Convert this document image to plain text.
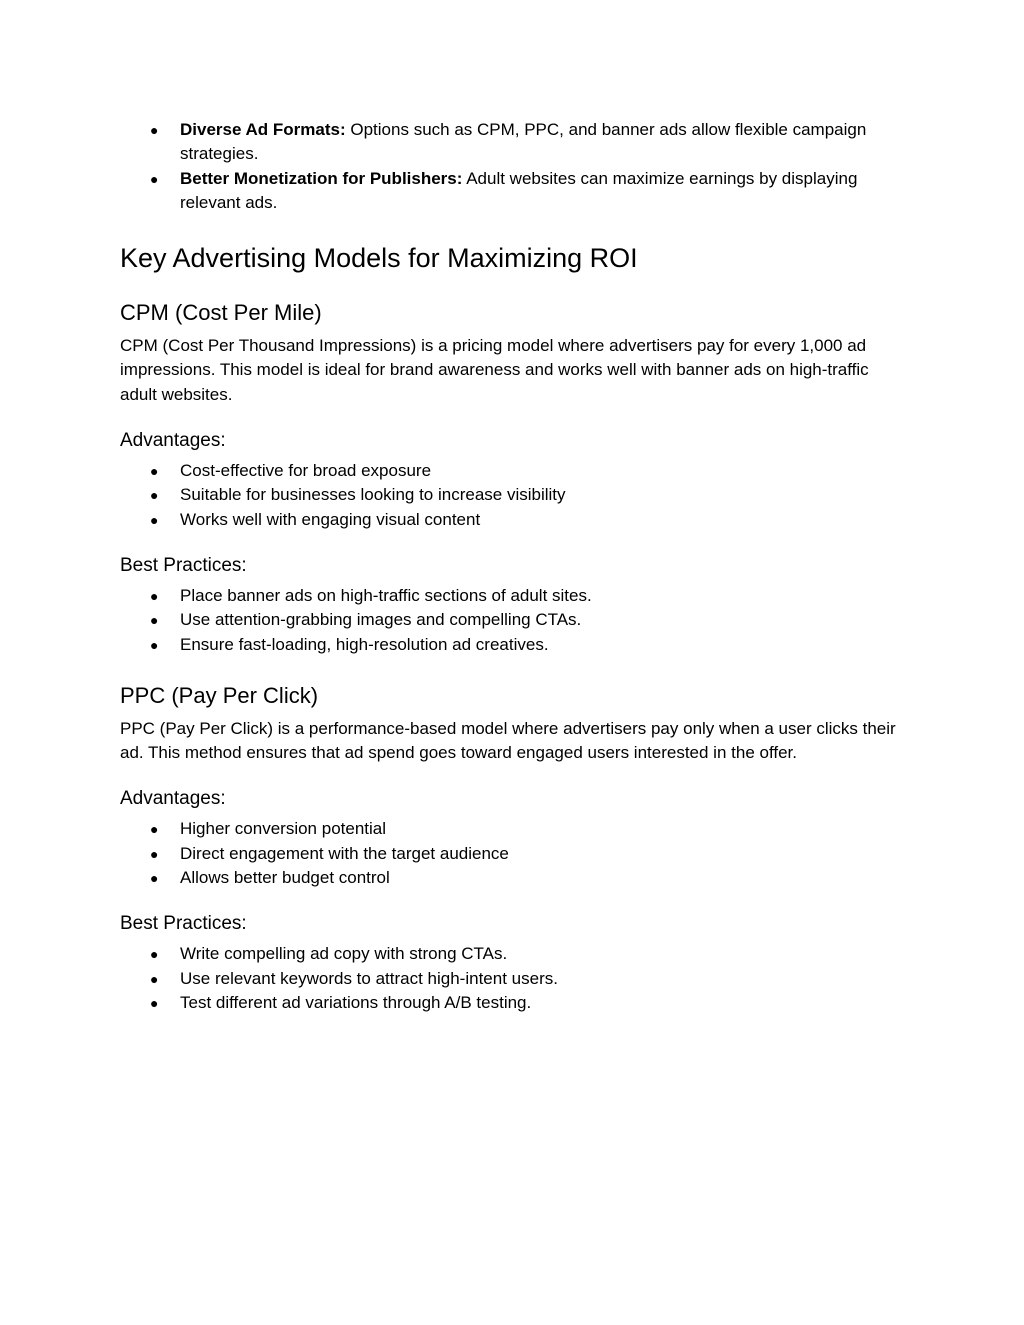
● Diverse Ad Formats: Options such as CPM, PPC, and banner ads allow flexible campaign strategies.
● Better Monetization for Publishers: Adult websites can maximize earnings by displaying relevant ads.
Key Advertising Models for Maximizing ROI
CPM (Cost Per Mile)

CPM (Cost Per Thousand Impressions) is a pricing model where advertisers pay for every 1,000 ad impressions. This model is ideal for brand awareness and works well with banner ads on high-traffic adult websites.

Advantages:
● Cost-effective for broad exposure
● Suitable for businesses looking to increase visibility
● Works well with engaging visual content
Best Practices:
● Place banner ads on high-traffic sections of adult sites.
● Use attention-grabbing images and compelling CTAs.
● Ensure fast-loading, high-resolution ad creatives.
PPC (Pay Per Click)

PPC (Pay Per Click) is a performance-based model where advertisers pay only when a user clicks their ad. This method ensures that ad spend goes toward engaged users interested in the offer.

Advantages:
● Higher conversion potential
● Direct engagement with the target audience
● Allows better budget control
Best Practices:
● Write compelling ad copy with strong CTAs.
● Use relevant keywords to attract high-intent users.
● Test different ad variations through A/B testing.
